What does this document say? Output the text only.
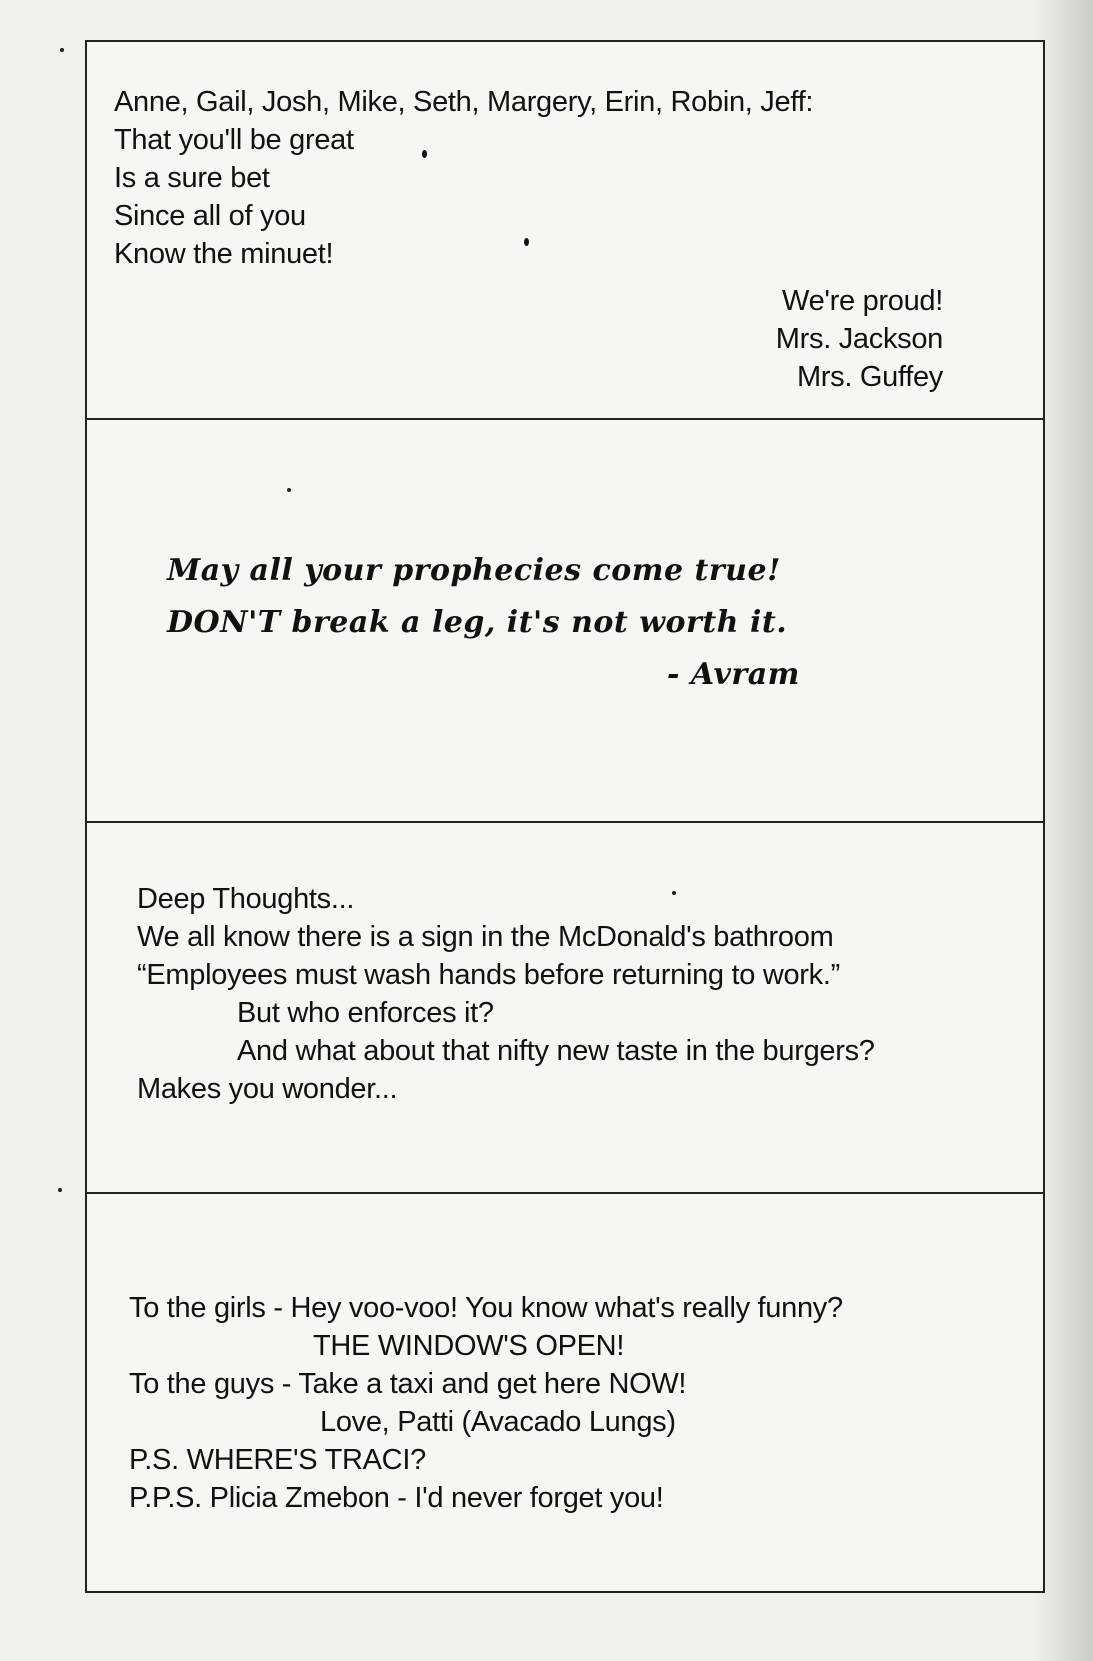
Anne, Gail, Josh, Mike, Seth, Margery, Erin, Robin, Jeff:
That you'll be great
Is a sure bet
Since all of you
Know the minuet!
We're proud!
Mrs. Jackson
Mrs. Guffey
May all your prophecies come true!
DON'T break a leg, it's not worth it.
- Avram
Deep Thoughts...
We all know there is a sign in the McDonald's bathroom
“Employees must wash hands before returning to work.”
But who enforces it?
And what about that nifty new taste in the burgers?
Makes you wonder...
To the girls - Hey voo-voo! You know what's really funny?
THE WINDOW'S OPEN!
To the guys - Take a taxi and get here NOW!
Love, Patti (Avacado Lungs)
P.S. WHERE'S TRACI?
P.P.S. Plicia Zmebon - I'd never forget you!
